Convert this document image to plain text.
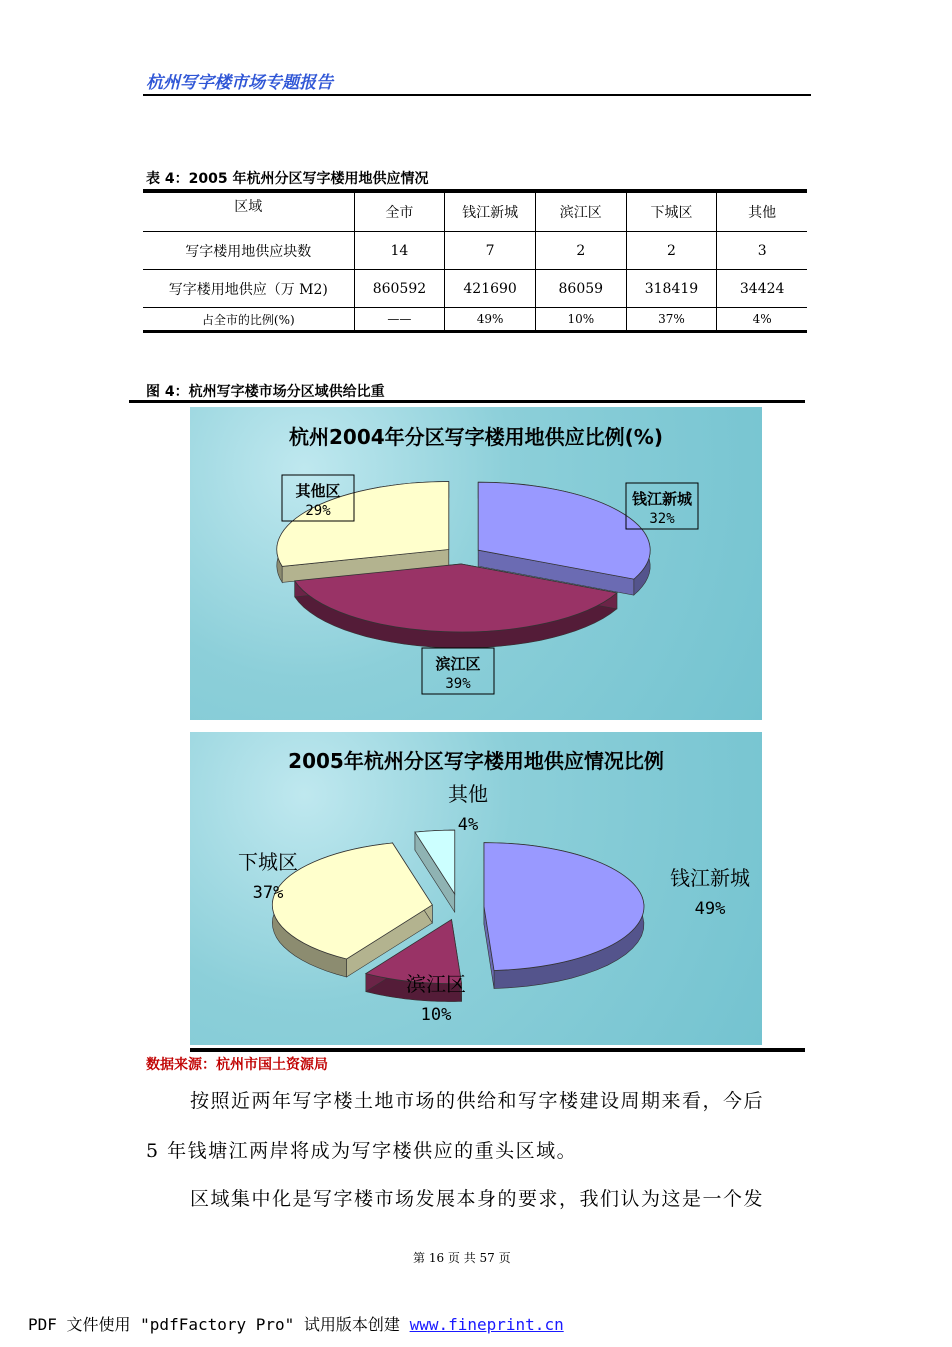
杭州写字楼市场专题报告
表 4：2005 年杭州分区写字楼用地供应情况
区域	全市	钱江新城	滨江区	下城区	其他
写字楼用地供应块数	14	7	2	2	3
写字楼用地供应（万 M2)	860592	421690	86059	318419	34424
占全市的比例(%)	——	49%	10%	37%	4%
图 4：杭州写字楼市场分区域供给比重
杭州2004年分区写字楼用地供应比例(%)
钱江新城
32%
滨江区
39%
其他区
29%
2005年杭州分区写字楼用地供应情况比例
钱江新城
49%
滨江区
10%
下城区
37%
其他
4%
数据来源：杭州市国土资源局
按照近两年写字楼土地市场的供给和写字楼建设周期来看，今后
5 年钱塘江两岸将成为写字楼供应的重头区域。
区域集中化是写字楼市场发展本身的要求，我们认为这是一个发
第 16 页 共 57 页
PDF 文件使用 "pdfFactory Pro" 试用版本创建 www.fineprint.cn
